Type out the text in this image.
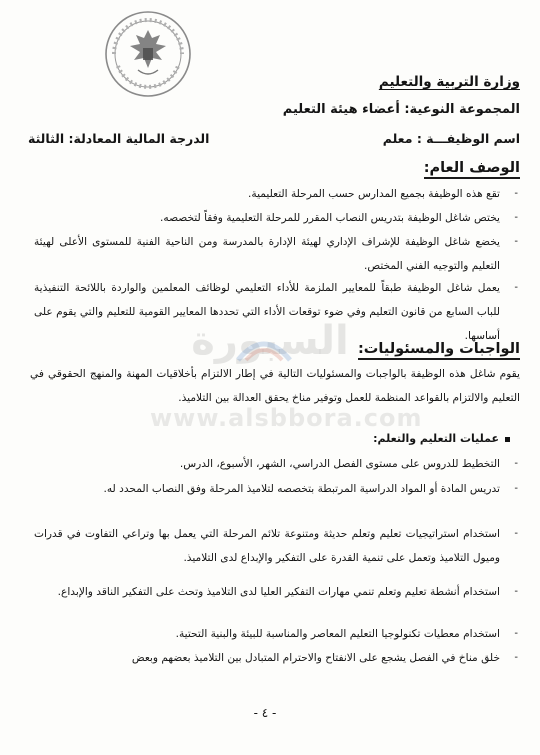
السبورة
www.alsbbora.com
وزارة التربية والتعليم
المجموعة النوعية: أعضاء هيئة التعليم
اسم الوظيفـــة : معلم
الدرجة المالية المعادلة: الثالثة
الوصف العام:
-
تقع هذه الوظيفة بجميع المدارس حسب المرحلة التعليمية.
-
يختص شاغل الوظيفة بتدريس النصاب المقرر للمرحلة التعليمية وفقاً لتخصصه.
-
يخضع شاغل الوظيفة للإشراف الإداري لهيئة الإدارة بالمدرسة ومن الناحية الفنية للمستوى الأعلى لهيئة التعليم والتوجيه الفني المختص.
-
يعمل شاغل الوظيفة طبقاً للمعايير الملزمة للأداء التعليمي لوظائف المعلمين والواردة باللائحة التنفيذية للباب السابع من قانون التعليم وفي ضوء توقعات الأداء التي تحددها المعايير القومية للتعليم والتي يقوم على أساسها.
الواجبات والمسئوليات:
يقوم شاغل هذه الوظيفة بالواجبات والمسئوليات التالية في إطار الالتزام بأخلاقيات المهنة والمنهج الحقوقي في التعليم والالتزام بالقواعد المنظمة للعمل وتوفير مناخ يحقق العدالة بين التلاميذ.
عمليات التعليم والتعلم:
-
التخطيط للدروس على مستوى الفصل الدراسي، الشهر، الأسبوع، الدرس.
-
تدريس المادة أو المواد الدراسية المرتبطة بتخصصه لتلاميذ المرحلة وفق النصاب المحدد له.
-
استخدام استراتيجيات تعليم وتعلم حديثة ومتنوعة تلائم المرحلة التي يعمل بها وتراعي التفاوت في قدرات وميول التلاميذ وتعمل على تنمية القدرة على التفكير والإبداع لدى التلاميذ.
-
استخدام أنشطة تعليم وتعلم تنمي مهارات التفكير العليا لدى التلاميذ وتحث على التفكير الناقد والإبداع.
-
استخدام معطيات تكنولوجيا التعليم المعاصر والمناسبة للبيئة والبنية التحتية.
-
خلق مناخ في الفصل يشجع على الانفتاح والاحترام المتبادل بين التلاميذ بعضهم وبعض
- ٤ -
